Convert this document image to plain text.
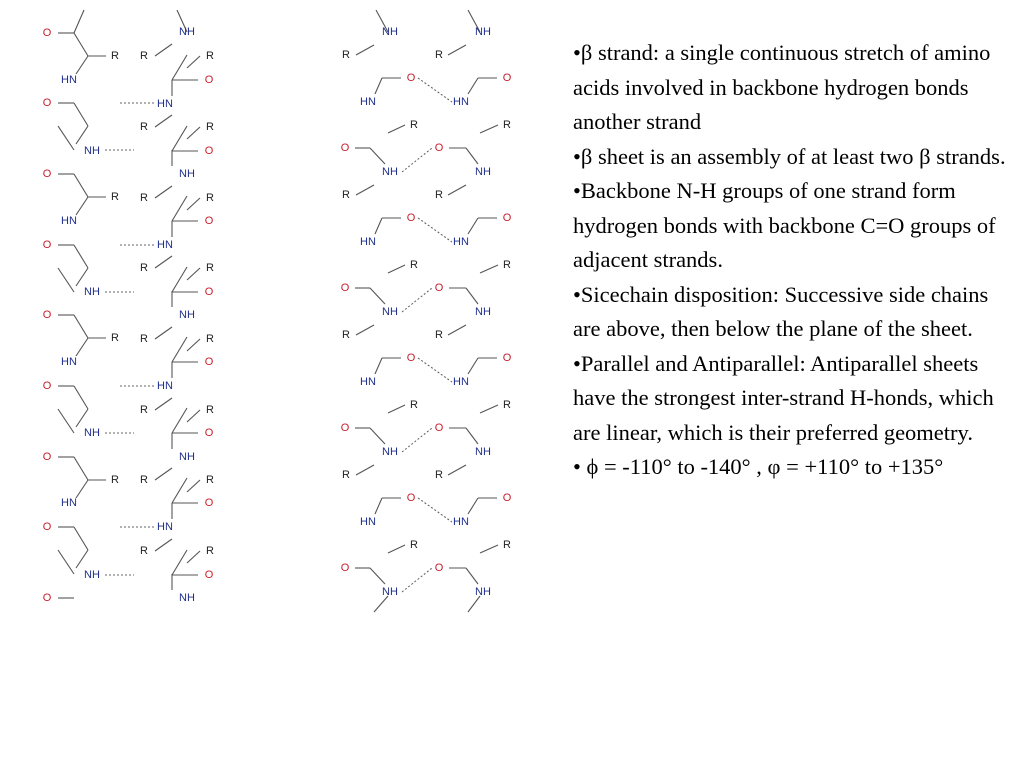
O
R
O
O
R
O
O
R
O
O
R
O
O
HN
NH
HN
NH
HN
NH
HN
NH
NH
O
O
O
O
O
O
O
O
HN
NH
HN
NH
HN
NH
HN
NH
R	R
R	R
R	R
R	R
R	R
R	R
R	R
R	R
NH	NH
O	O
O	O
O	O
O	O
O	O
O	O
O	O
O	O
R	R
R	R
R	R
R	R
R	R
R	R
R	R
R	R
HN	HN
NH	NH
HN	HN
NH	NH
HN	HN
NH	NH
HN	HN
NH	NH

•β strand: a single continuous stretch of amino acids involved in backbone hydrogen bonds another strand

•β sheet is an assembly of at least two β strands.

•Backbone N-H groups of one strand form hydrogen bonds with backbone C=O groups of adjacent strands.

•Sicechain disposition: Successive side chains are above, then below the plane of the sheet.

•Parallel and Antiparallel: Antiparallel sheets have the strongest inter-strand H-honds, which are linear, which is their preferred geometry.

• ϕ = -110° to -140° , φ = +110° to +135°
